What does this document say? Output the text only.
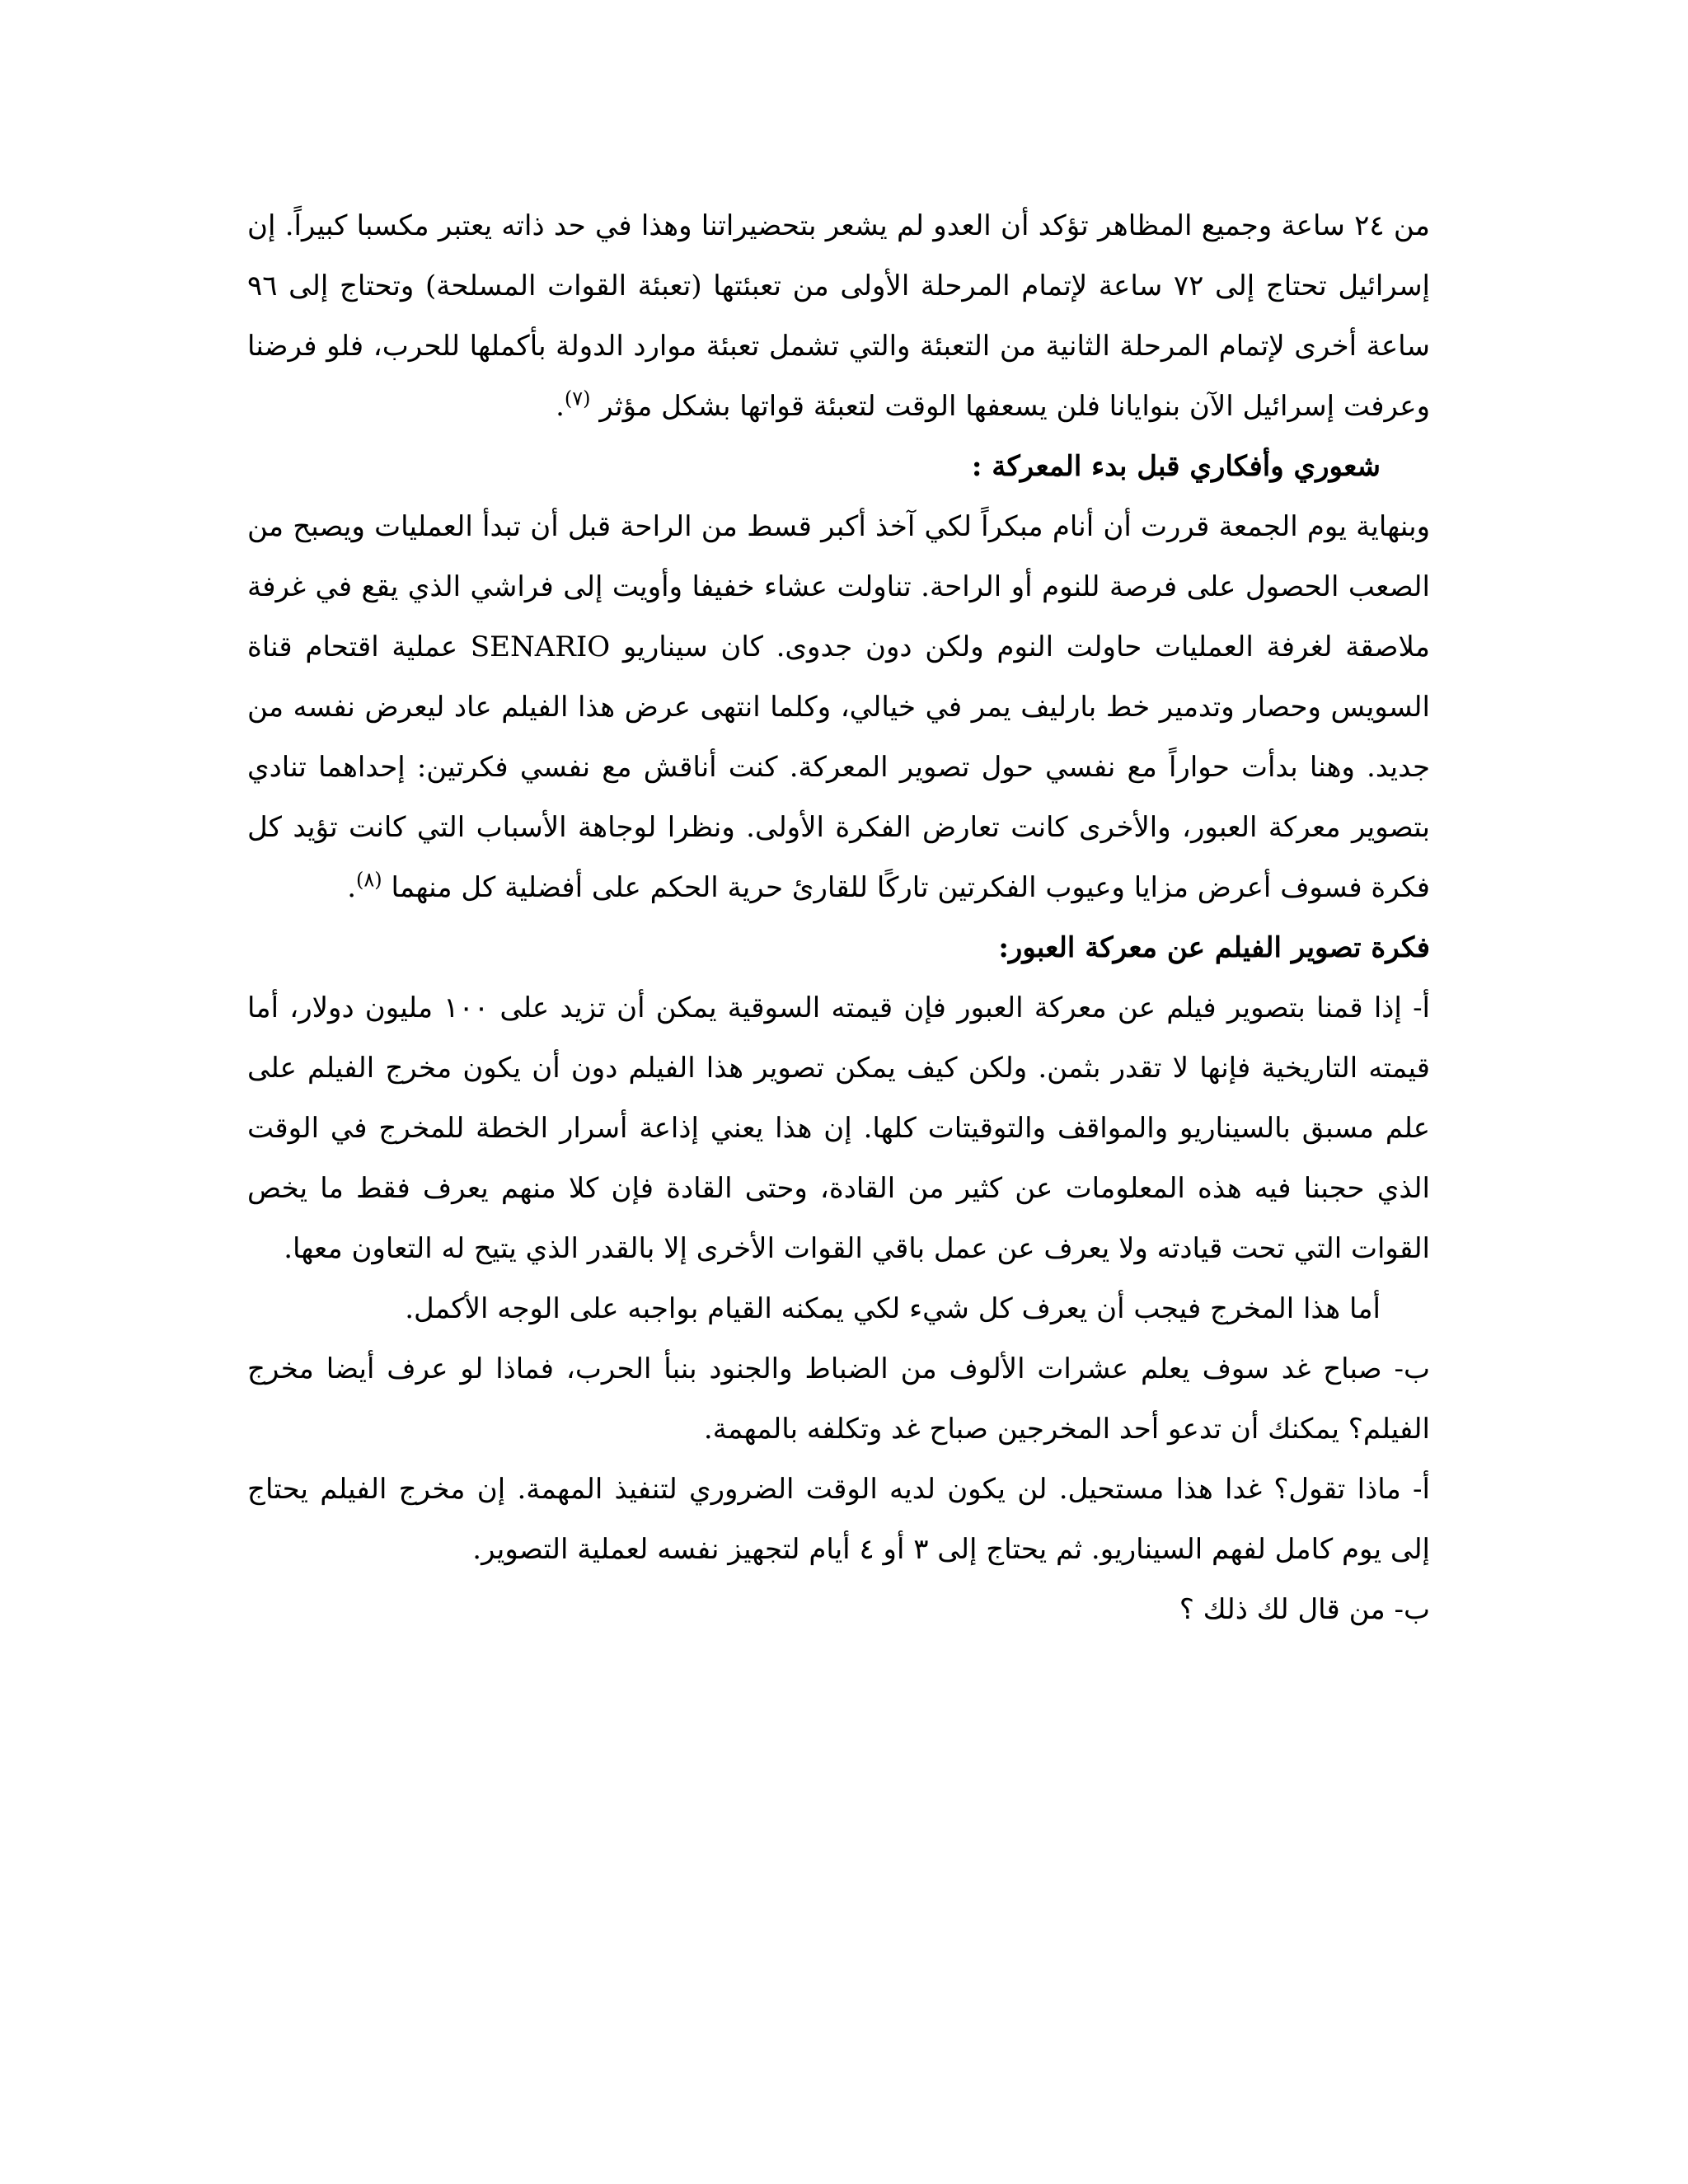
من ٢٤ ساعة وجميع المظاهر تؤكد أن العدو لم يشعر بتحضيراتنا وهذا في حد ذاته يعتبر مكسبا كبيراً. إن إسرائيل تحتاج إلى ٧٢ ساعة لإتمام المرحلة الأولى من تعبئتها (تعبئة القوات المسلحة) وتحتاج إلى ٩٦ ساعة أخرى لإتمام المرحلة الثانية من التعبئة والتي تشمل تعبئة موارد الدولة بأكملها للحرب، فلو فرضنا وعرفت إسرائيل الآن بنوايانا فلن يسعفها الوقت لتعبئة قواتها بشكل مؤثر $^{(٧)}$.

شعوري وأفكاري قبل بدء المعركة :

وبنهاية يوم الجمعة قررت أن أنام مبكراً لكي آخذ أكبر قسط من الراحة قبل أن تبدأ العمليات ويصبح من الصعب الحصول على فرصة للنوم أو الراحة. تناولت عشاء خفيفا وأويت إلى فراشي الذي يقع في غرفة ملاصقة لغرفة العمليات حاولت النوم ولكن دون جدوى. كان سيناريو SENARIO عملية اقتحام قناة السويس وحصار وتدمير خط بارليف يمر في خيالي، وكلما انتهى عرض هذا الفيلم عاد ليعرض نفسه من جديد. وهنا بدأت حواراً مع نفسي حول تصوير المعركة. كنت أناقش مع نفسي فكرتين: إحداهما تنادي بتصوير معركة العبور، والأخرى كانت تعارض الفكرة الأولى. ونظرا لوجاهة الأسباب التي كانت تؤيد كل فكرة فسوف أعرض مزايا وعيوب الفكرتين تاركًا للقارئ حرية الحكم على أفضلية كل منهما $^{(٨)}$.

فكرة تصوير الفيلم عن معركة العبور:

أ- إذا قمنا بتصوير فيلم عن معركة العبور فإن قيمته السوقية يمكن أن تزيد على ١٠٠ مليون دولار، أما قيمته التاريخية فإنها لا تقدر بثمن. ولكن كيف يمكن تصوير هذا الفيلم دون أن يكون مخرج الفيلم على علم مسبق بالسيناريو والمواقف والتوقيتات كلها. إن هذا يعني إذاعة أسرار الخطة للمخرج في الوقت الذي حجبنا فيه هذه المعلومات عن كثير من القادة، وحتى القادة فإن كلا منهم يعرف فقط ما يخص القوات التي تحت قيادته ولا يعرف عن عمل باقي القوات الأخرى إلا بالقدر الذي يتيح له التعاون معها.

أما هذا المخرج فيجب أن يعرف كل شيء لكي يمكنه القيام بواجبه على الوجه الأكمل.

ب- صباح غد سوف يعلم عشرات الألوف من الضباط والجنود بنبأ الحرب، فماذا لو عرف أيضا مخرج الفيلم؟ يمكنك أن تدعو أحد المخرجين صباح غد وتكلفه بالمهمة.

أ- ماذا تقول؟ غدا هذا مستحيل. لن يكون لديه الوقت الضروري لتنفيذ المهمة. إن مخرج الفيلم يحتاج إلى يوم كامل لفهم السيناريو. ثم يحتاج إلى ٣ أو ٤ أيام لتجهيز نفسه لعملية التصوير.

ب- من قال لك ذلك ؟
